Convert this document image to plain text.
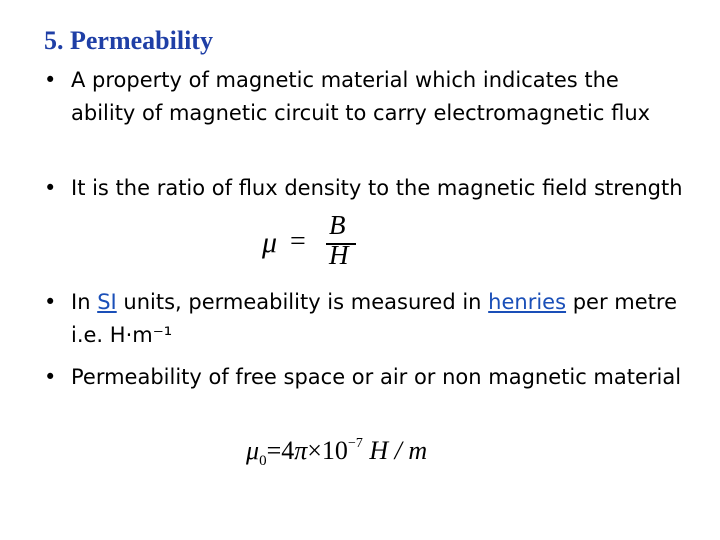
5. Permeability
• A property of magnetic material which indicates the ability of magnetic circuit to carry electromagnetic flux
• It is the ratio of flux density to the magnetic field strength
μ =
B
H
• In SI units, permeability is measured in henries per metre i.e. H·m⁻¹
• Permeability of free space or air or non magnetic material
$\mu_0=4\pi\times 10^{-7}$ H / m
